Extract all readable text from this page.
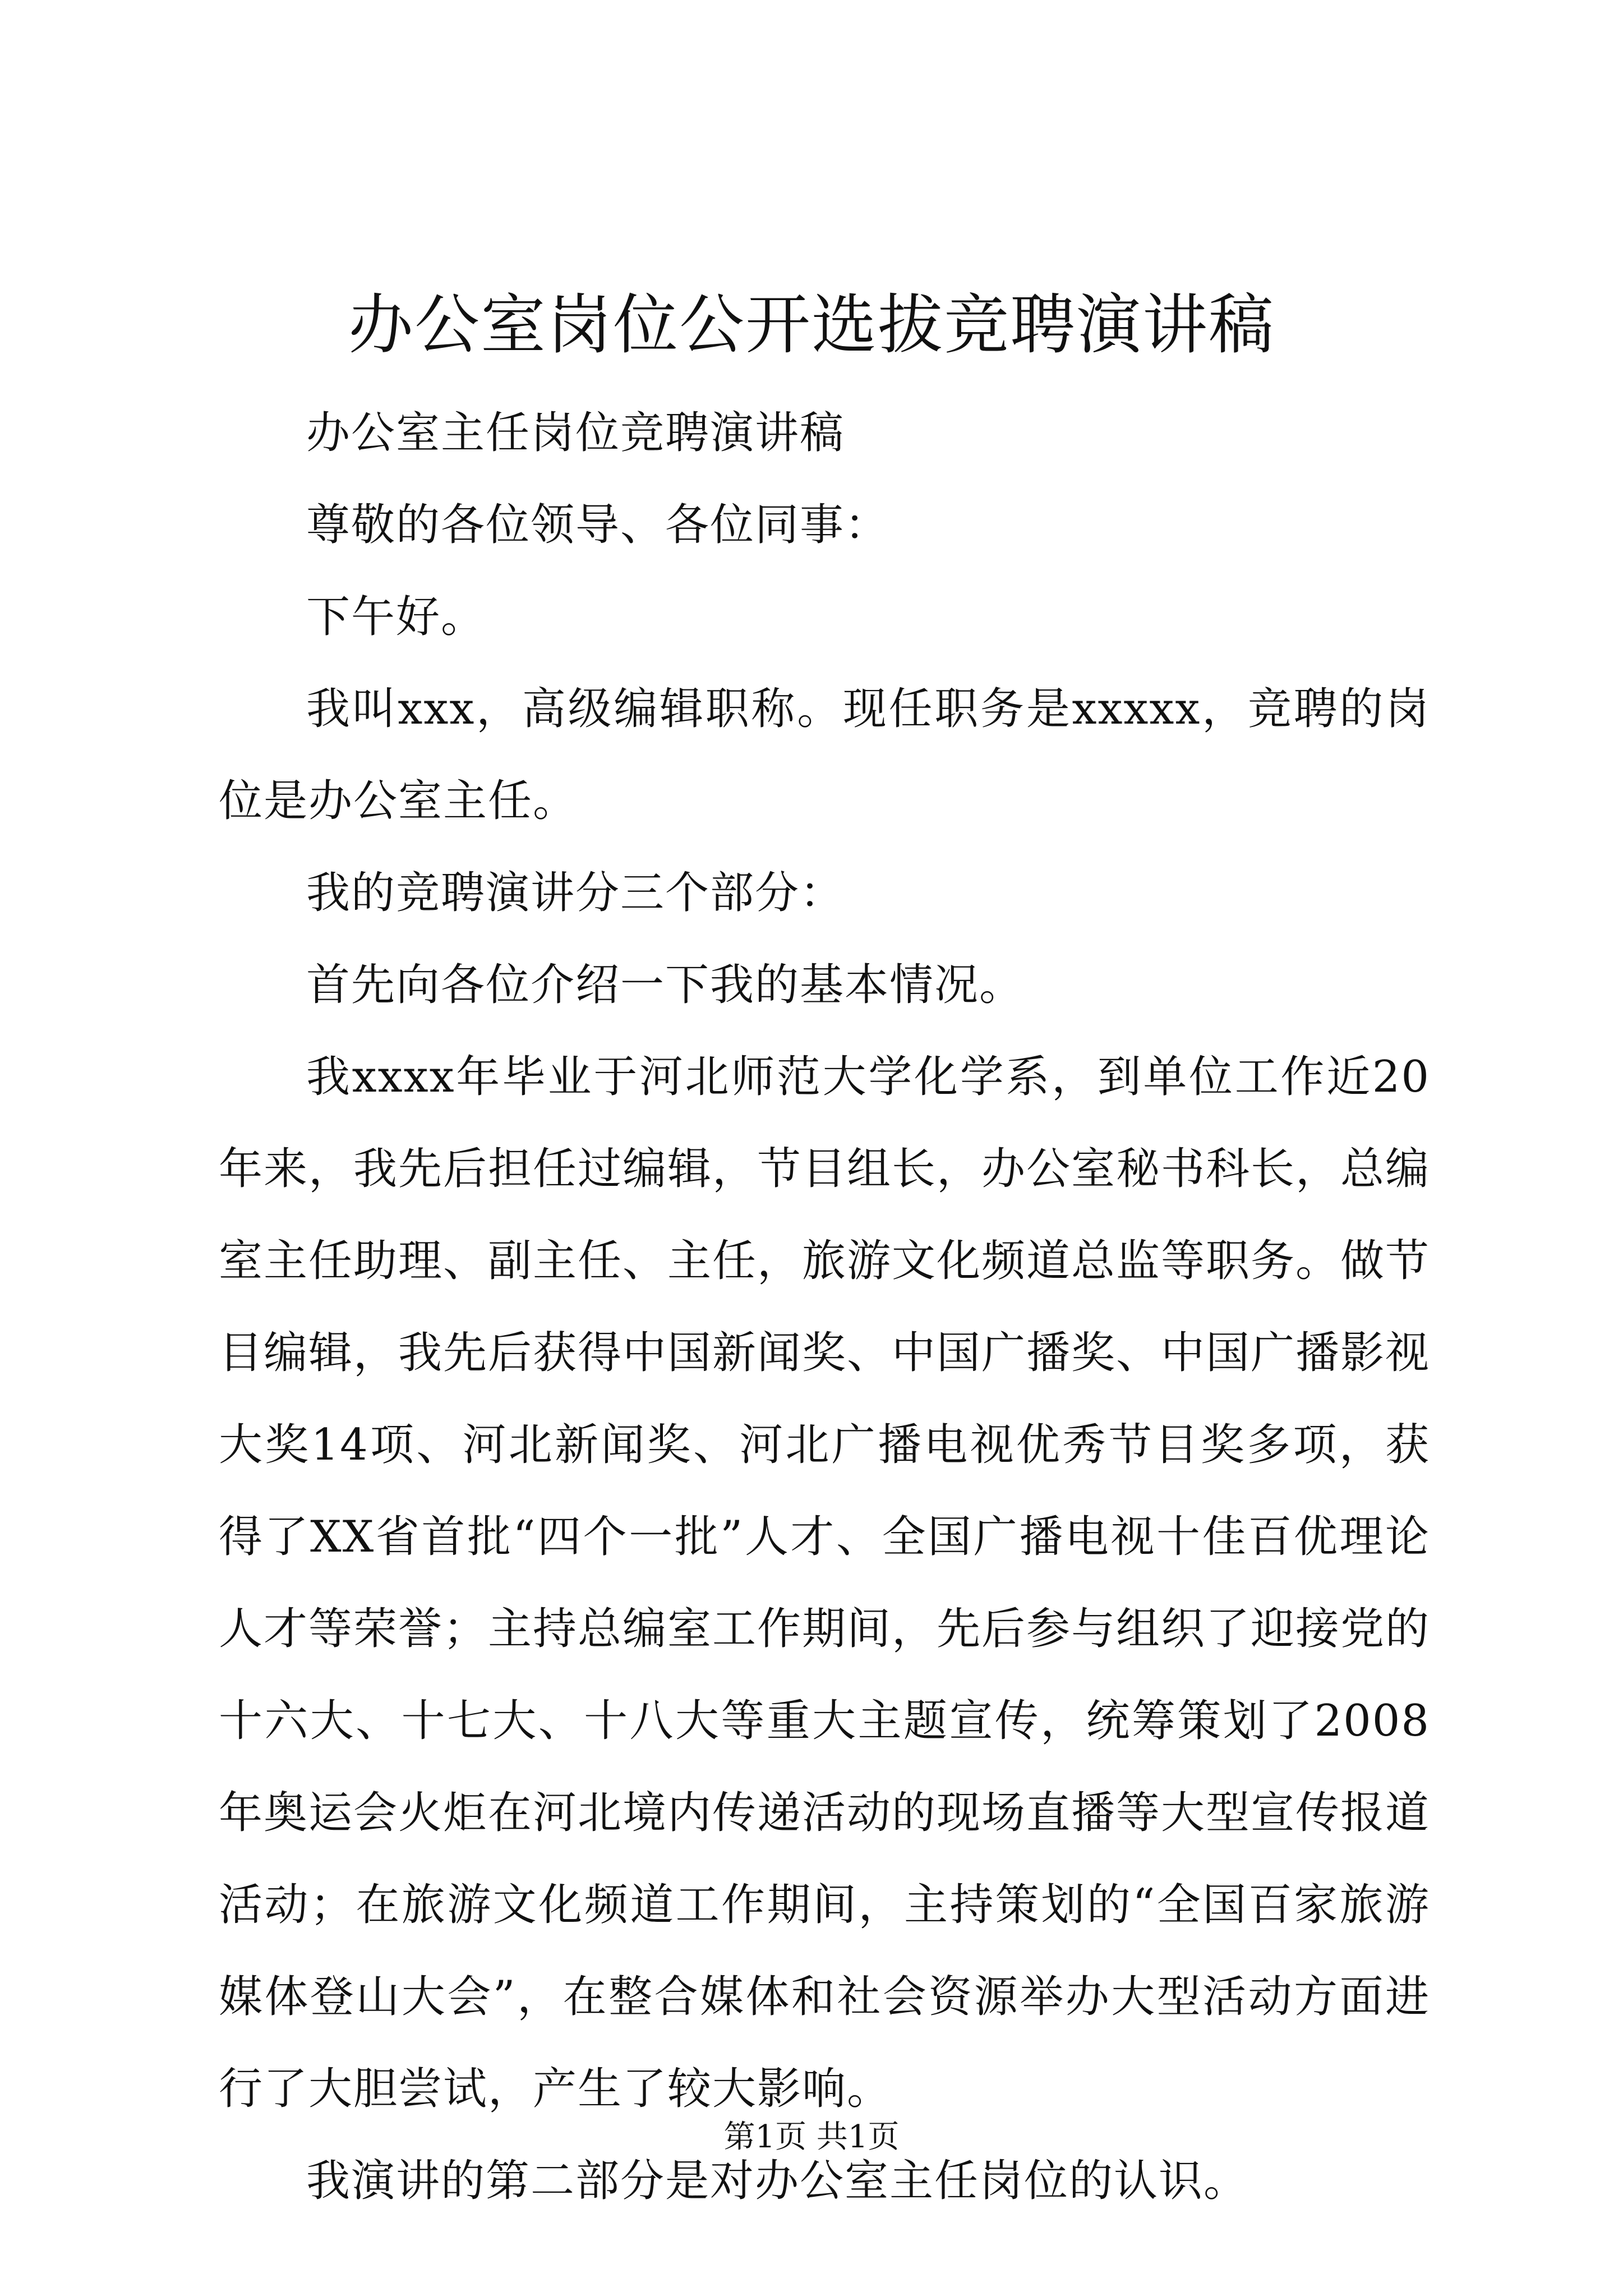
办公室岗位公开选拔竞聘演讲稿

办公室主任岗位竞聘演讲稿

尊敬的各位领导、各位同事：

下午好。

我叫xxx，高级编辑职称。现任职务是xxxxx，竞聘的岗位是办公室主任。

我的竞聘演讲分三个部分：

首先向各位介绍一下我的基本情况。

我xxxx年毕业于河北师范大学化学系，到单位工作近20年来，我先后担任过编辑，节目组长，办公室秘书科长，总编室主任助理、副主任、主任，旅游文化频道总监等职务。做节目编辑，我先后获得中国新闻奖、中国广播奖、中国广播影视大奖14项、河北新闻奖、河北广播电视优秀节目奖多项，获得了XX省首批“四个一批”人才、全国广播电视十佳百优理论人才等荣誉；主持总编室工作期间，先后参与组织了迎接党的十六大、十七大、十八大等重大主题宣传，统筹策划了2008年奥运会火炬在河北境内传递活动的现场直播等大型宣传报道活动；在旅游文化频道工作期间，主持策划的“全国百家旅游媒体登山大会”，在整合媒体和社会资源举办大型活动方面进行了大胆尝试，产生了较大影响。

我演讲的第二部分是对办公室主任岗位的认识。

第1页 共1页
